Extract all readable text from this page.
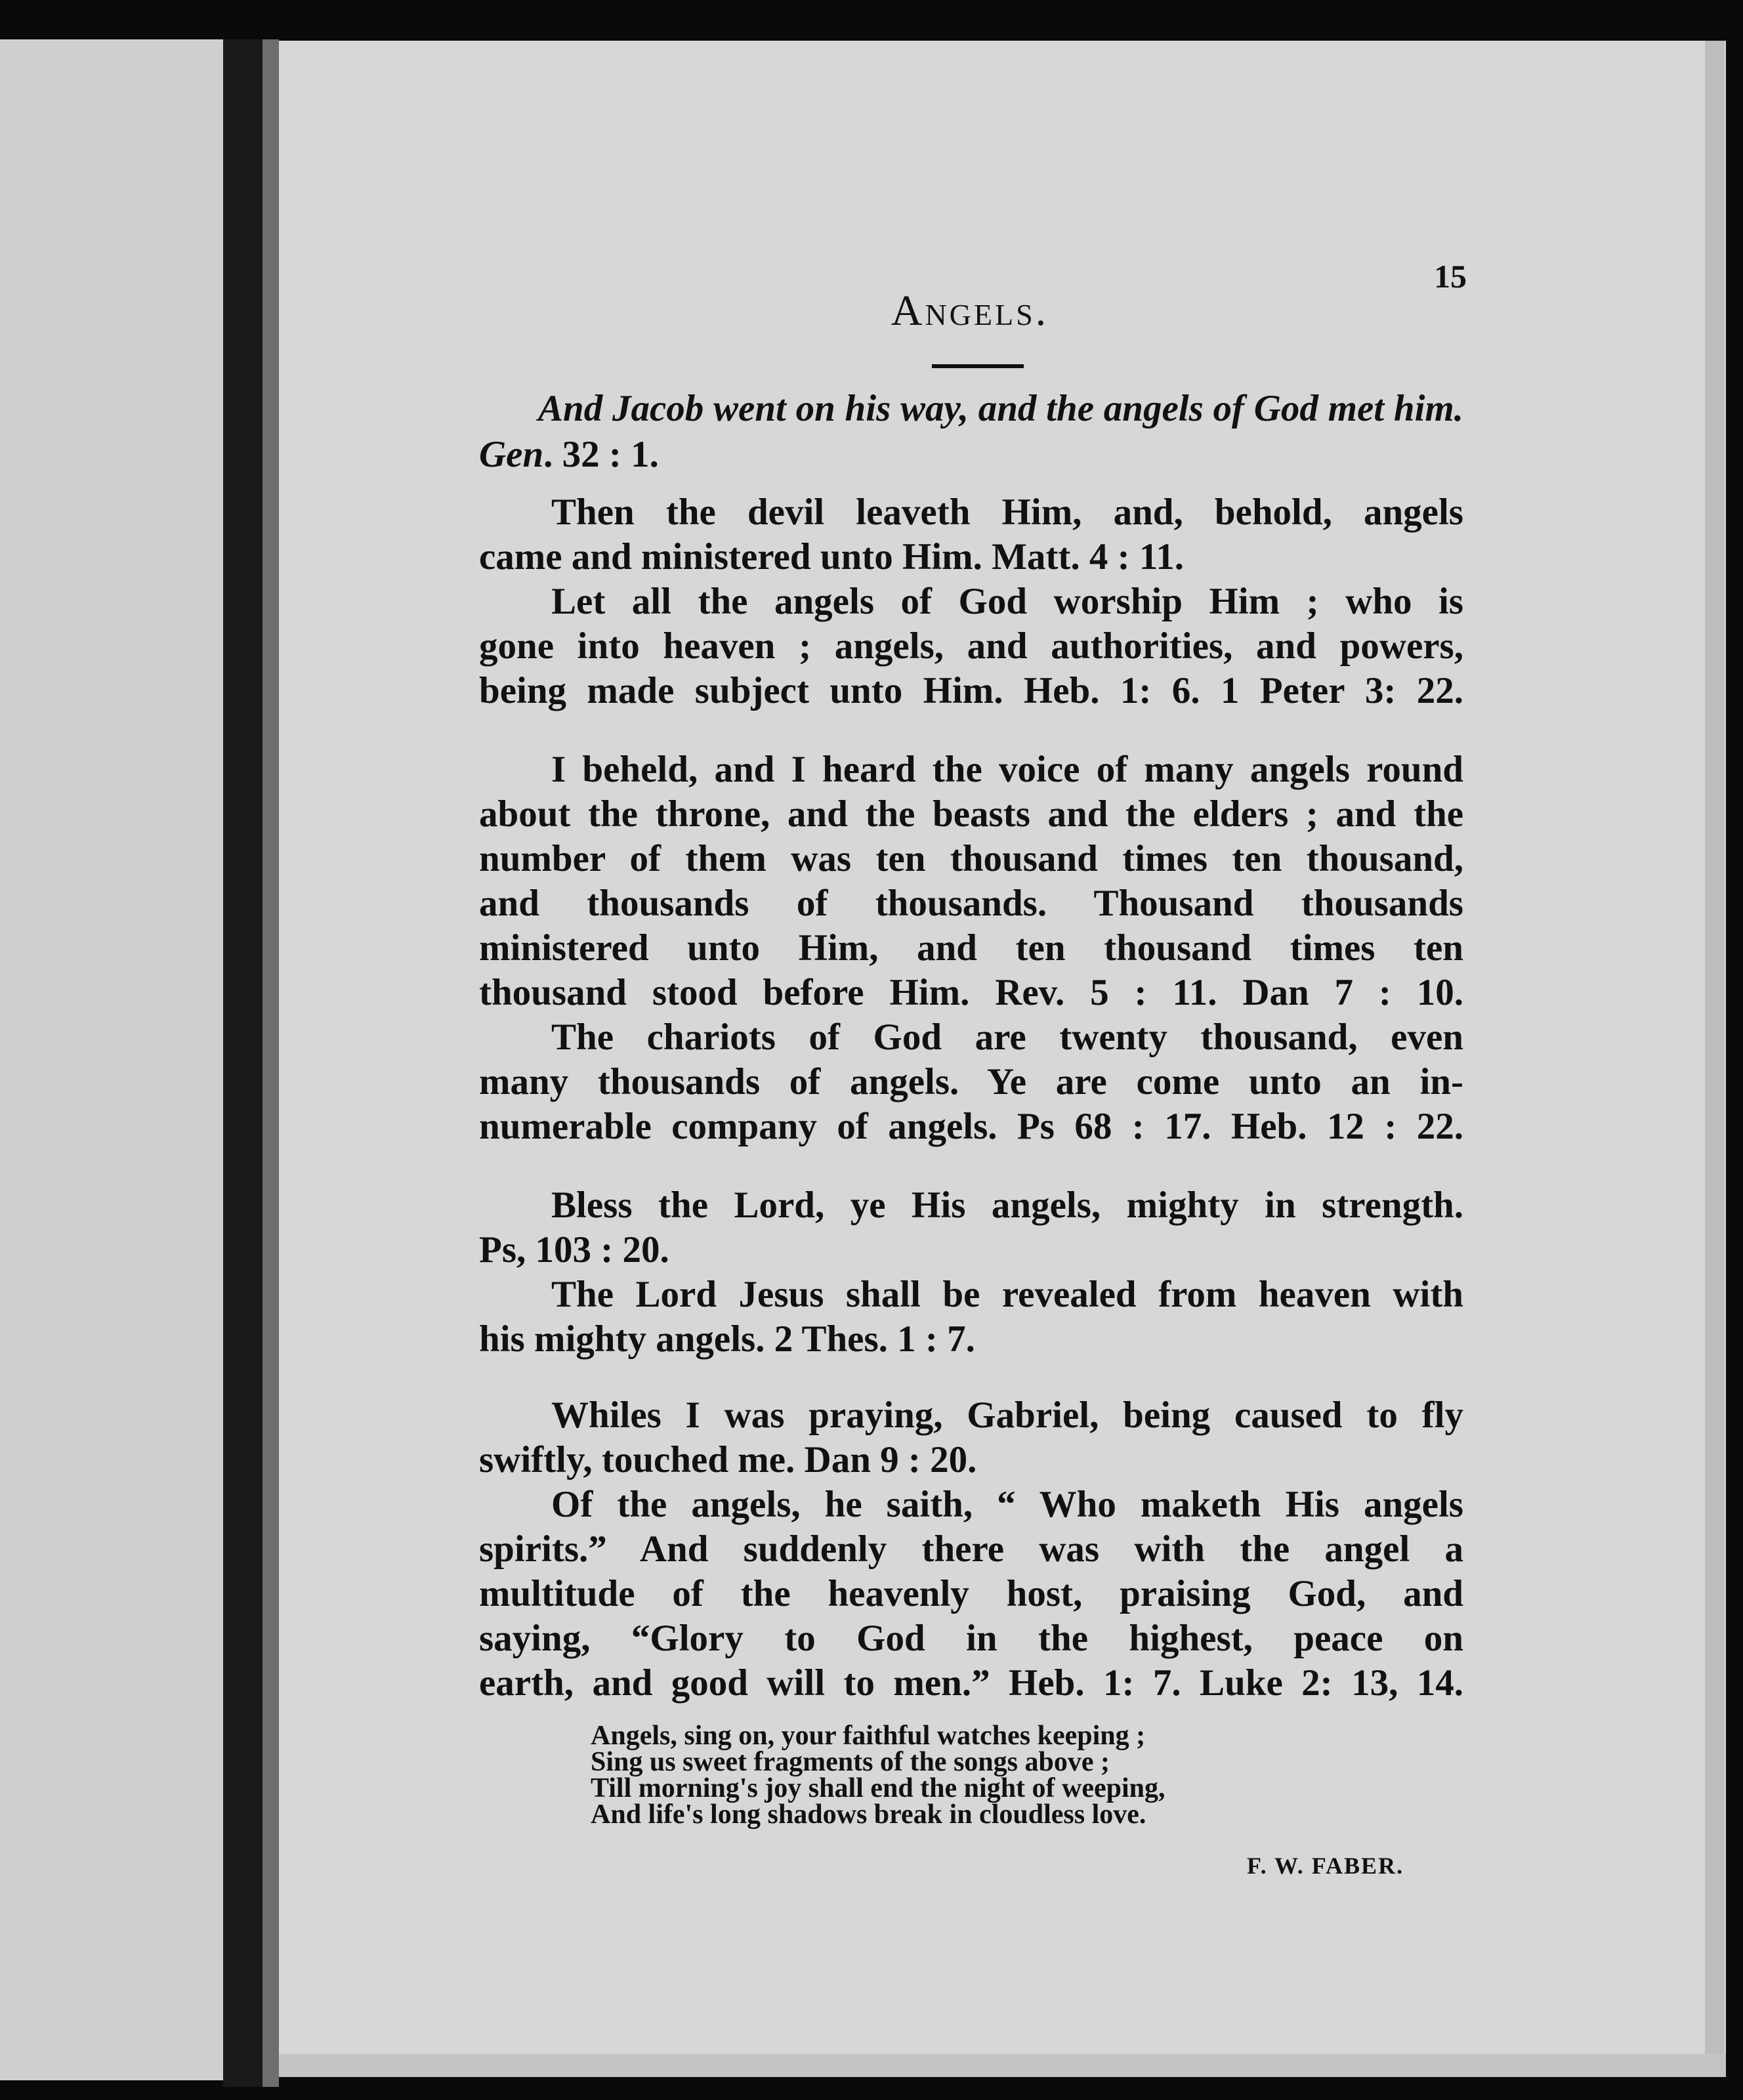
15
Angels.
And Jacob went on his way, and the angels of God met him.
Gen. 32 : 1.
Then the devil leaveth Him, and, behold, angels
came and ministered unto Him. Matt. 4 : 11.
Let all the angels of God worship Him ; who is
gone into heaven ; angels, and authorities, and powers,
being made subject unto Him. Heb. 1: 6. 1 Peter 3: 22.
I beheld, and I heard the voice of many angels round
about the throne, and the beasts and the elders ; and the
number of them was ten thousand times ten thousand,
and thousands of thousands. Thousand thousands
ministered unto Him, and ten thousand times ten
thousand stood before Him. Rev. 5 : 11. Dan 7 : 10.
The chariots of God are twenty thousand, even
many thousands of angels. Ye are come unto an in-
numerable company of angels. Ps 68 : 17. Heb. 12 : 22.
Bless the Lord, ye His angels, mighty in strength.
Ps, 103 : 20.
The Lord Jesus shall be revealed from heaven with
his mighty angels. 2 Thes. 1 : 7.
Whiles I was praying, Gabriel, being caused to fly
swiftly, touched me. Dan 9 : 20.
Of the angels, he saith, “ Who maketh His angels
spirits.” And suddenly there was with the angel a
multitude of the heavenly host, praising God, and
saying, “Glory to God in the highest, peace on
earth, and good will to men.” Heb. 1: 7. Luke 2: 13, 14.
Angels, sing on, your faithful watches keeping ;
Sing us sweet fragments of the songs above ;
Till morning's joy shall end the night of weeping,
And life's long shadows break in cloudless love.
F. W. FABER.
